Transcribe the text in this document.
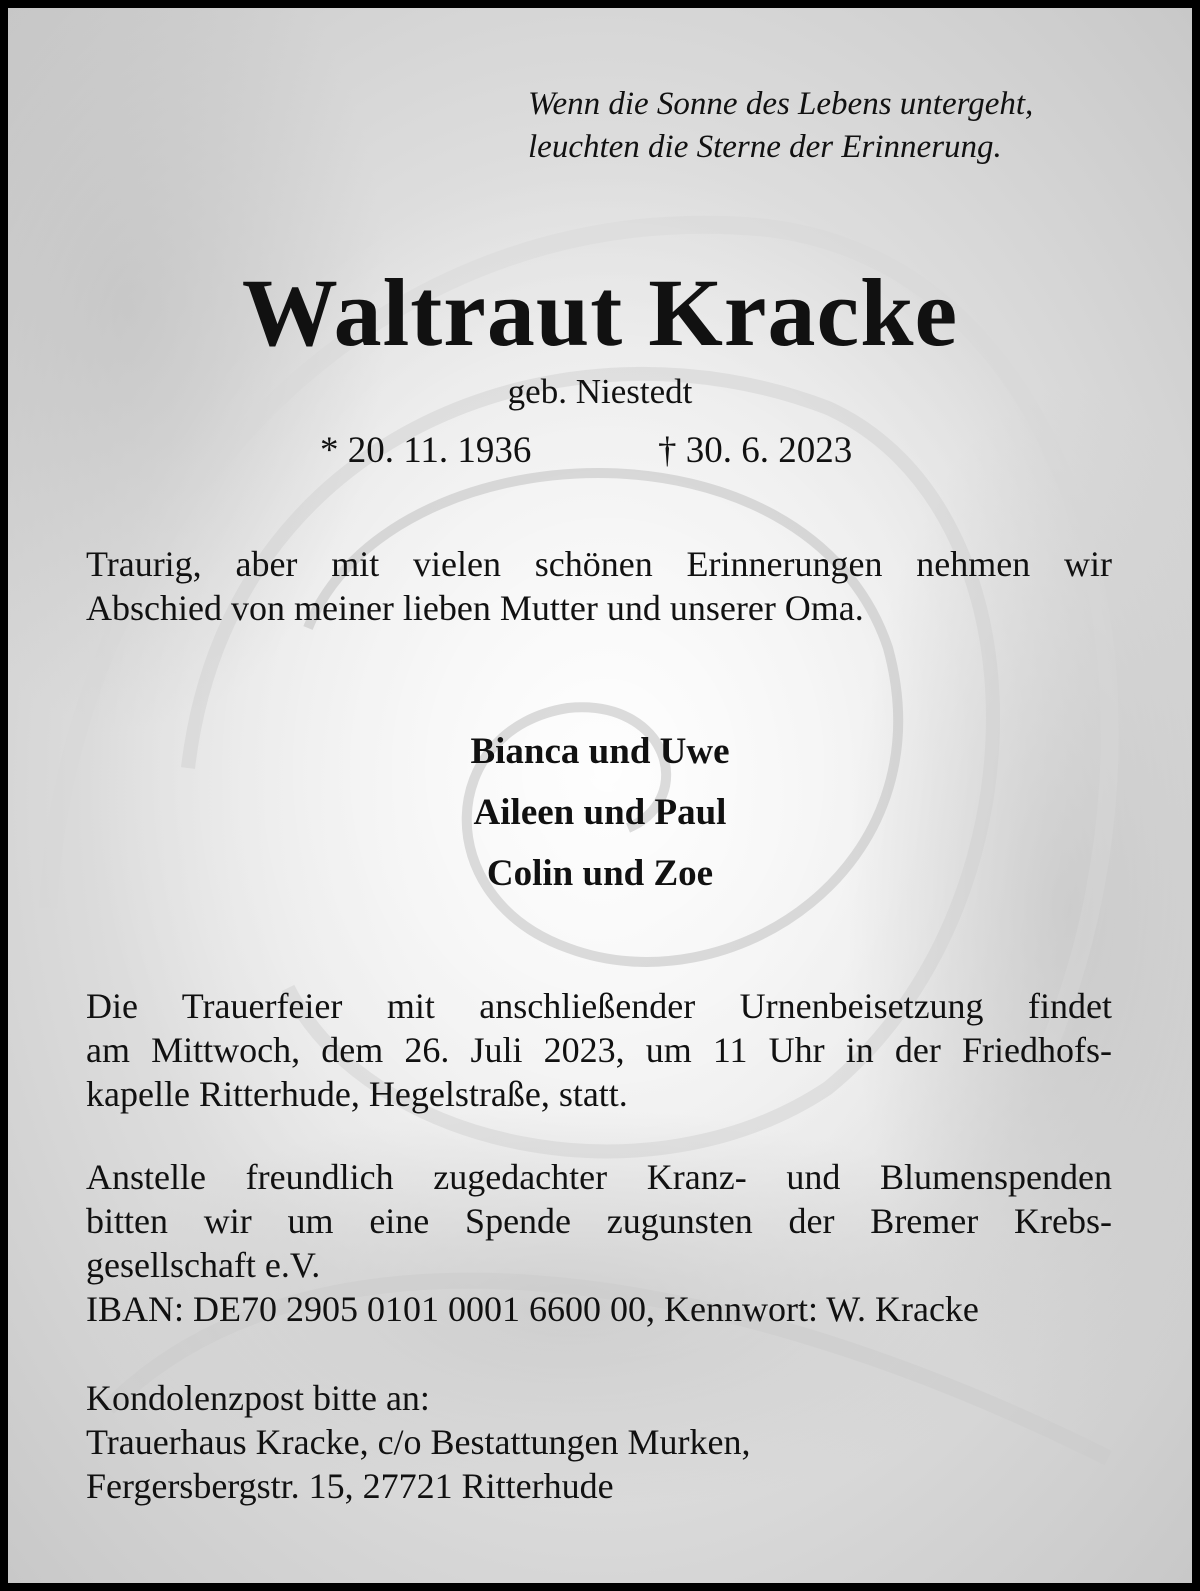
Wenn die Sonne des Lebens untergeht,
leuchten die Sterne der Erinnerung.
Waltraut Kracke
geb. Niestedt
* 20. 11. 1936	† 30. 6. 2023
Traurig, aber mit vielen schönen Erinnerungen nehmen wir
Abschied von meiner lieben Mutter und unserer Oma.
Bianca und Uwe
Aileen und Paul
Colin und Zoe
Die Trauerfeier mit anschließender Urnenbeisetzung findet
am Mittwoch, dem 26. Juli 2023, um 11 Uhr in der Friedhofs-
kapelle Ritterhude, Hegelstraße, statt.
Anstelle freundlich zugedachter Kranz- und Blumenspenden
bitten wir um eine Spende zugunsten der Bremer Krebs-
gesellschaft e.V.
IBAN: DE70 2905 0101 0001 6600 00, Kennwort: W. Kracke
Kondolenzpost bitte an:
Trauerhaus Kracke, c/o Bestattungen Murken,
Fergersbergstr. 15, 27721 Ritterhude
